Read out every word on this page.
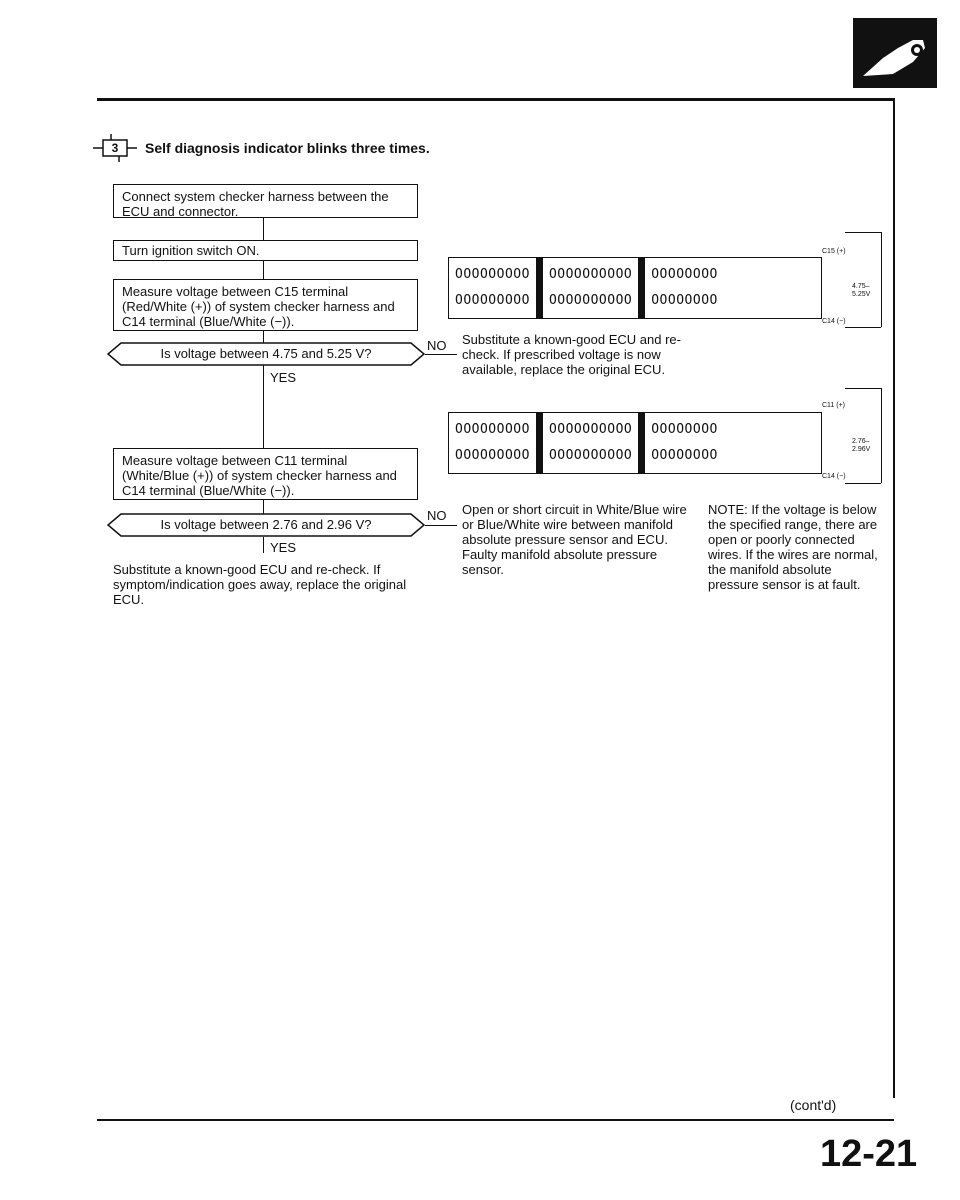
3	Self diagnosis indicator blinks three times.
Connect system checker harness between the ECU and connector.
Turn ignition switch ON.
Measure voltage between C15 terminal (Red/White (+)) of system checker harness and C14 terminal (Blue/White (−)).
Is voltage between 4.75 and 5.25 V?
NO
YES
Measure voltage between C11 terminal (White/Blue (+)) of system checker harness and C14 terminal (Blue/White (−)).
Is voltage between 2.76 and 2.96 V?
NO
YES
Substitute a known-good ECU and re-check. If symptom/indication goes away, replace the original ECU.
OOOOOOOOO
OOOOOOOOO
OOOOOOOOOO
OOOOOOOOOO
OOOOOOOO
OOOOOOOO
C15 (+)
C14 (−)
4.75–5.25V
Substitute a known-good ECU and re-check. If prescribed voltage is now available, replace the original ECU.
OOOOOOOOO
OOOOOOOOO
OOOOOOOOOO
OOOOOOOOOO
OOOOOOOO
OOOOOOOO
C11 (+)
C14 (−)
2.76–2.96V
Open or short circuit in White/Blue wire or Blue/White wire between manifold absolute pressure sensor and ECU. Faulty manifold absolute pressure sensor.
NOTE: If the voltage is below the specified range, there are open or poorly connected wires. If the wires are normal, the manifold absolute pressure sensor is at fault.
(cont'd)
12-21
